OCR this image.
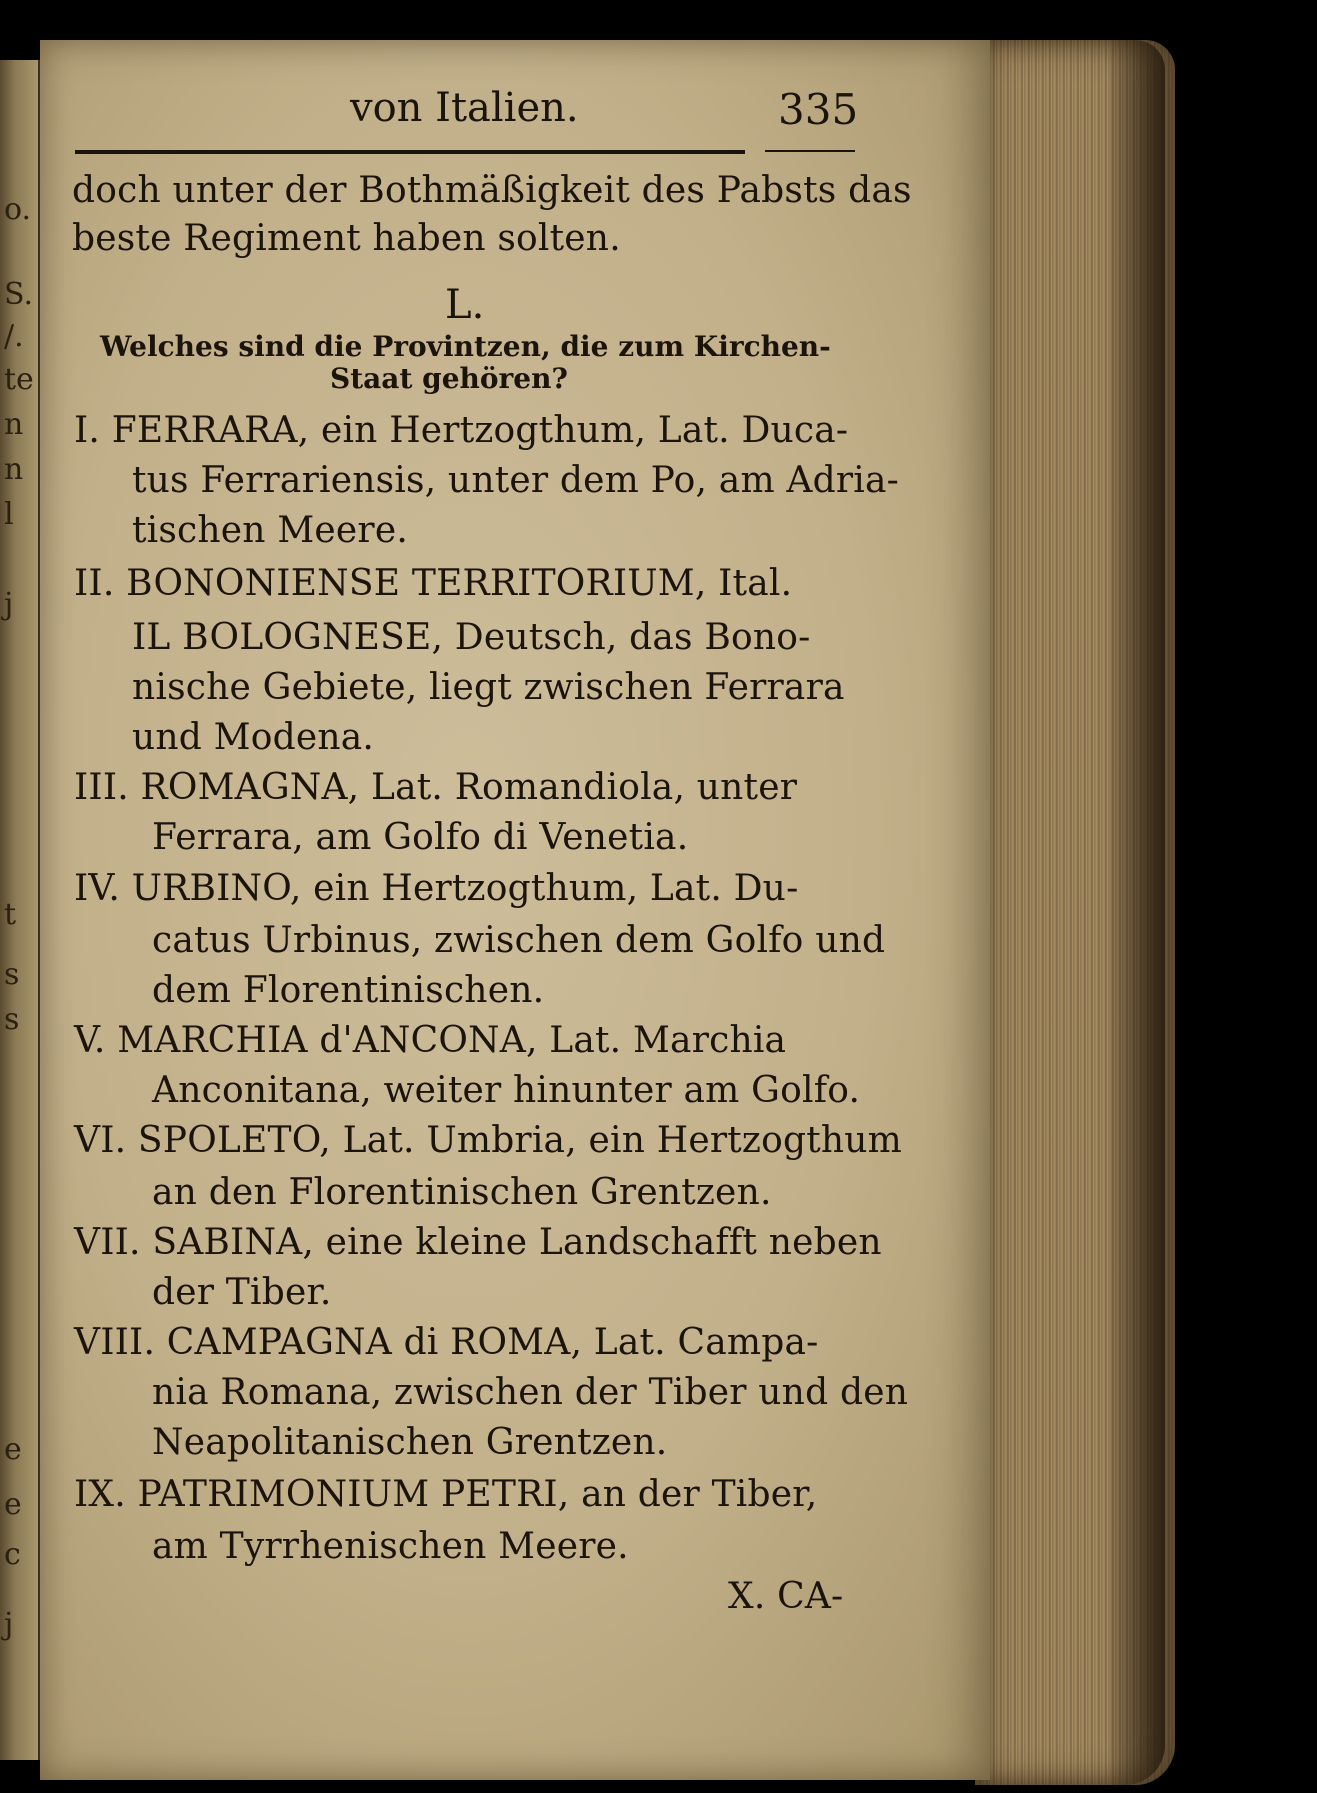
o.
S.
/.
te
n
n
l
j
t
s
s
e
e
c
j
von Italien.	335
doch unter der Bothmäßigkeit des Pabsts das
beste Regiment haben solten.
L.
Welches sind die Provintzen, die zum Kirchen-
Staat gehören?
I. FERRARA, ein Hertzogthum, Lat. Duca-
tus Ferrariensis, unter dem Po, am Adria-
tischen Meere.
II. BONONIENSE TERRITORIUM, Ital.
IL BOLOGNESE, Deutsch, das Bono-
nische Gebiete, liegt zwischen Ferrara
und Modena.
III. ROMAGNA, Lat. Romandiola, unter
Ferrara, am Golfo di Venetia.
IV. URBINO, ein Hertzogthum, Lat. Du-
catus Urbinus, zwischen dem Golfo und
dem Florentinischen.
V. MARCHIA d'ANCONA, Lat. Marchia
Anconitana, weiter hinunter am Golfo.
VI. SPOLETO, Lat. Umbria, ein Hertzogthum
an den Florentinischen Grentzen.
VII. SABINA, eine kleine Landschafft neben
der Tiber.
VIII. CAMPAGNA di ROMA, Lat. Campa-
nia Romana, zwischen der Tiber und den
Neapolitanischen Grentzen.
IX. PATRIMONIUM PETRI, an der Tiber,
am Tyrrhenischen Meere.
X. CA-
